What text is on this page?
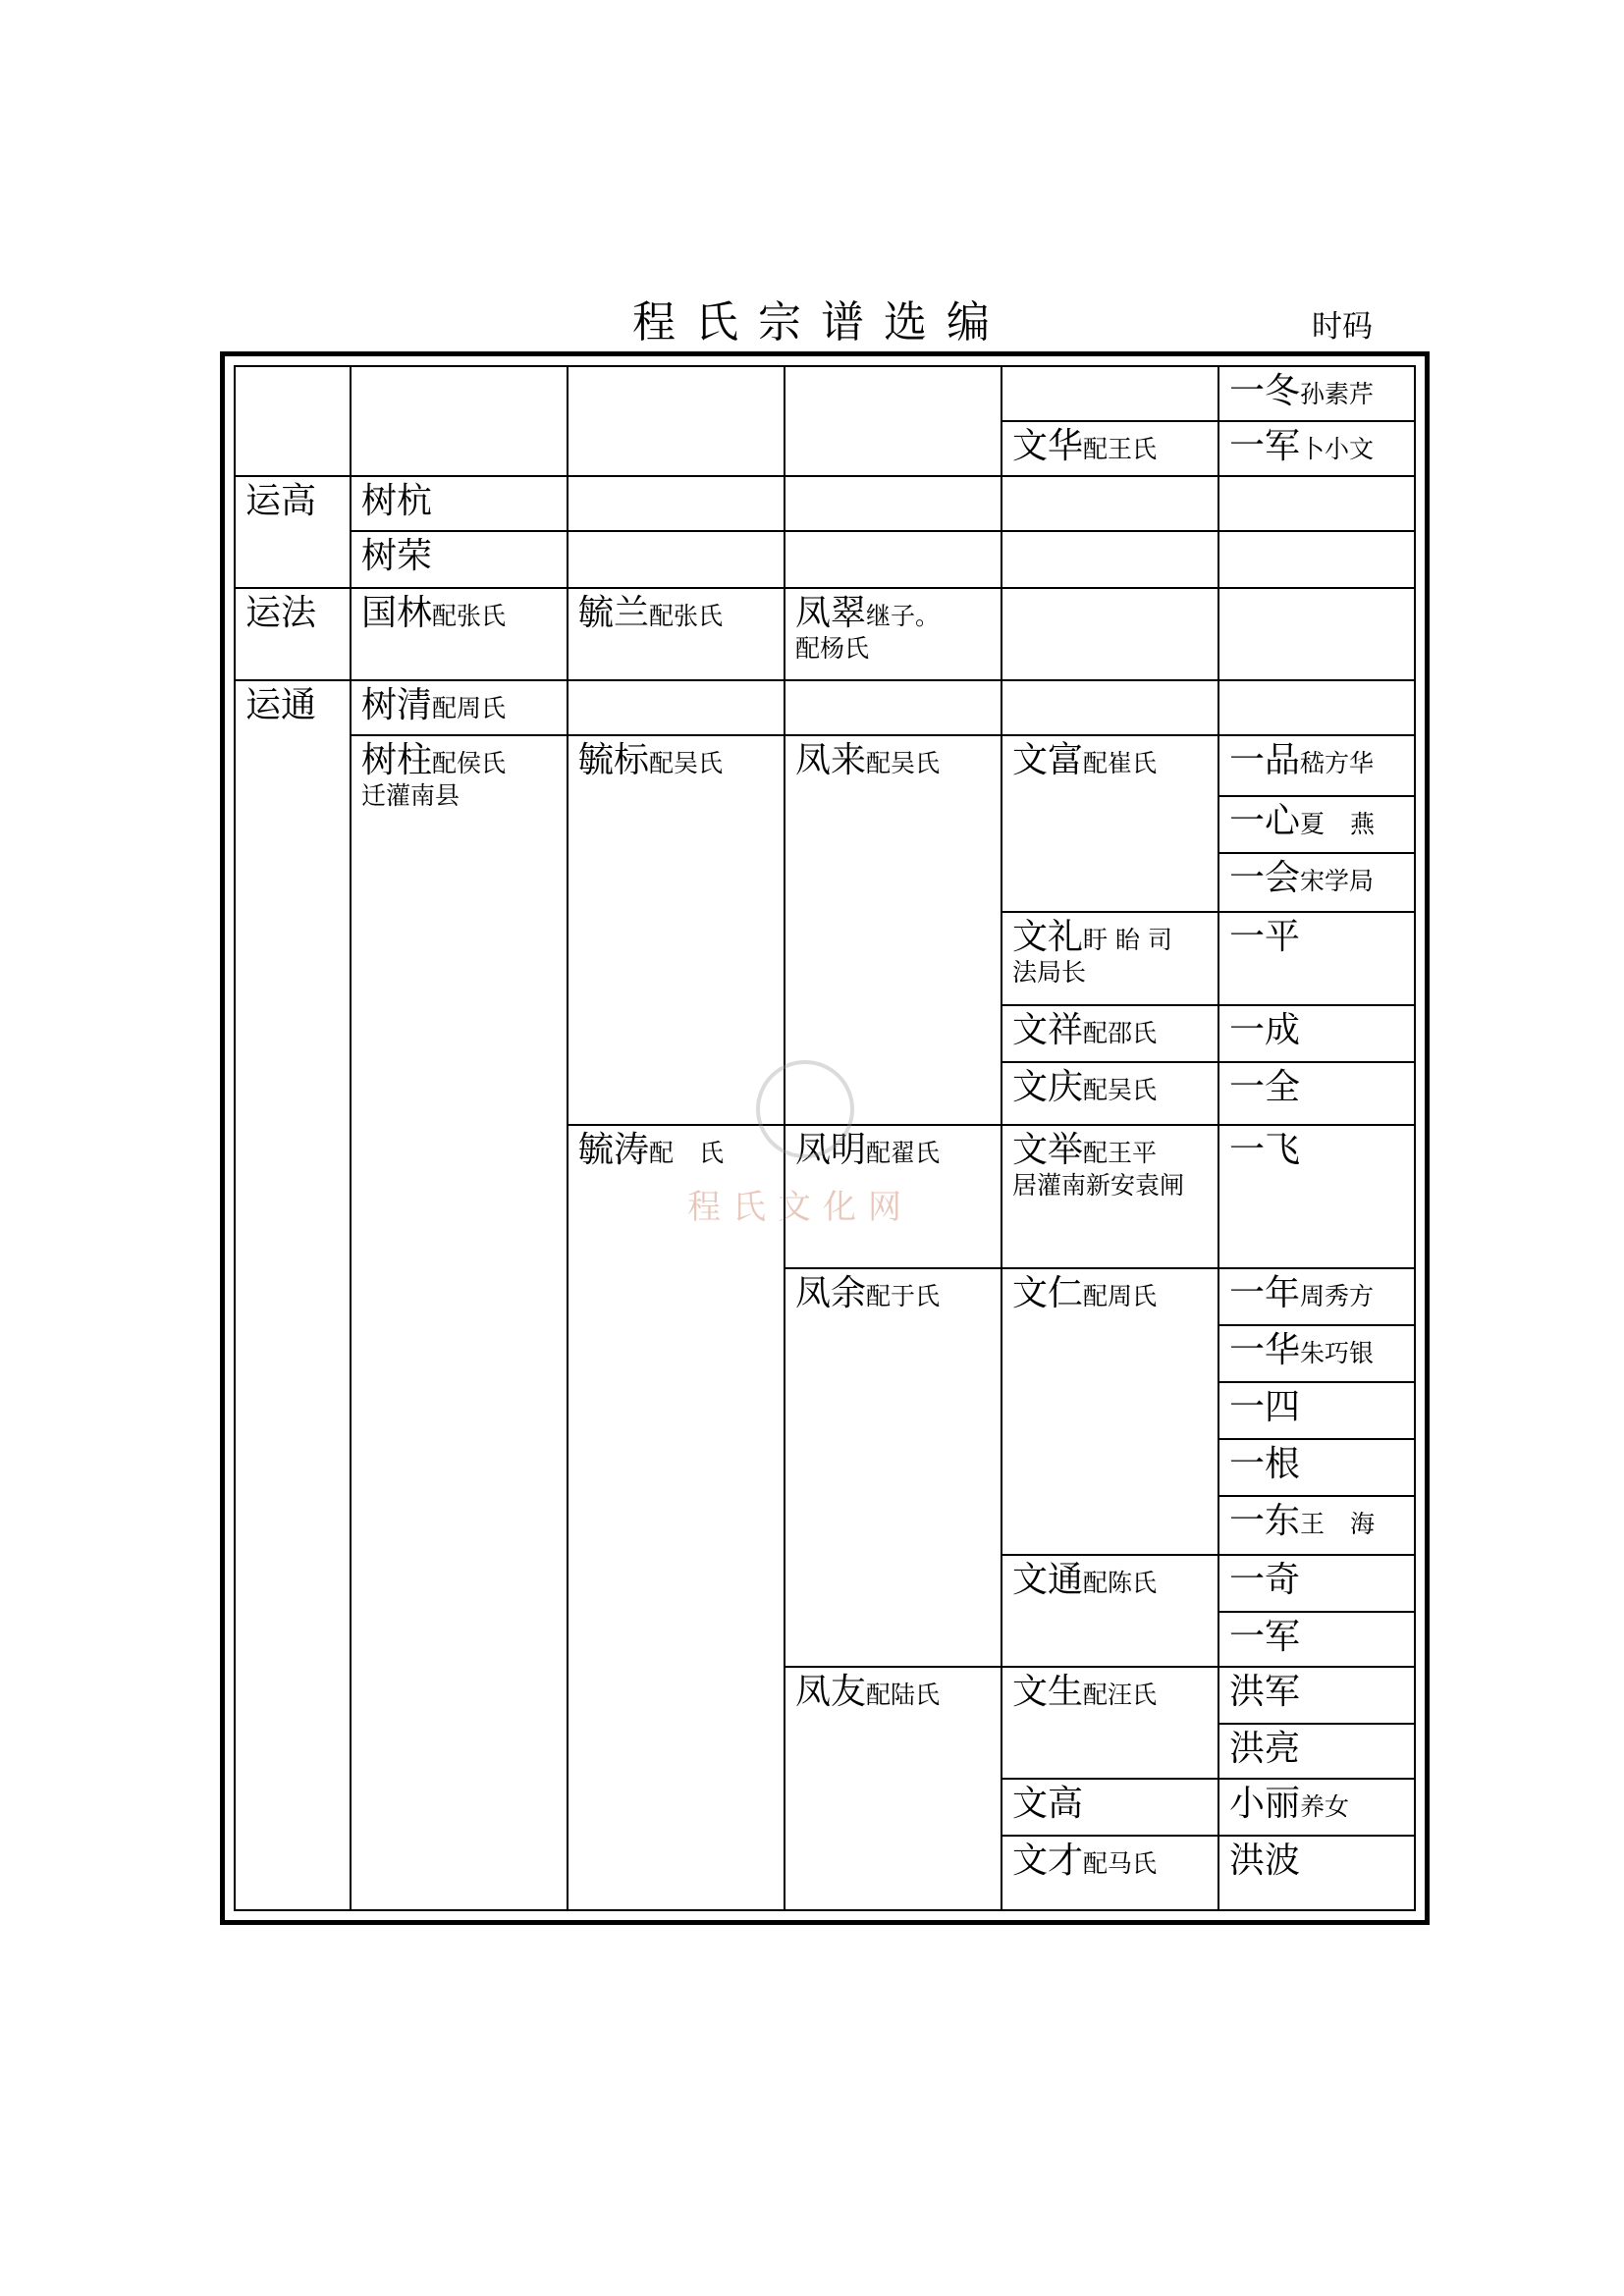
程氏宗谱选编	时码
运高
运法
运通
树杭
树荣
国林配张氏
树清配周氏
树柱配侯氏
迁灌南县
毓兰配张氏
毓标配吴氏
毓涛配氏
凤翠继子。
配杨氏
凤来配吴氏
凤明配翟氏
凤余配于氏
凤友配陆氏
文华配王氏
文富配崔氏
文礼盱 眙 司
法局长
文祥配邵氏
文庆配吴氏
文举配王平
居灌南新安袁闸
文仁配周氏
文通配陈氏
文生配汪氏
文高
文才配马氏
一冬孙素芹
一军卜小文
一品嵇方华
一心夏燕
一会宋学局
一平
一成
一全
一飞
一年周秀方
一华朱巧银
一四
一根
一东王海
一奇
一军
洪军
洪亮
小丽养女
洪波
程氏文化网
